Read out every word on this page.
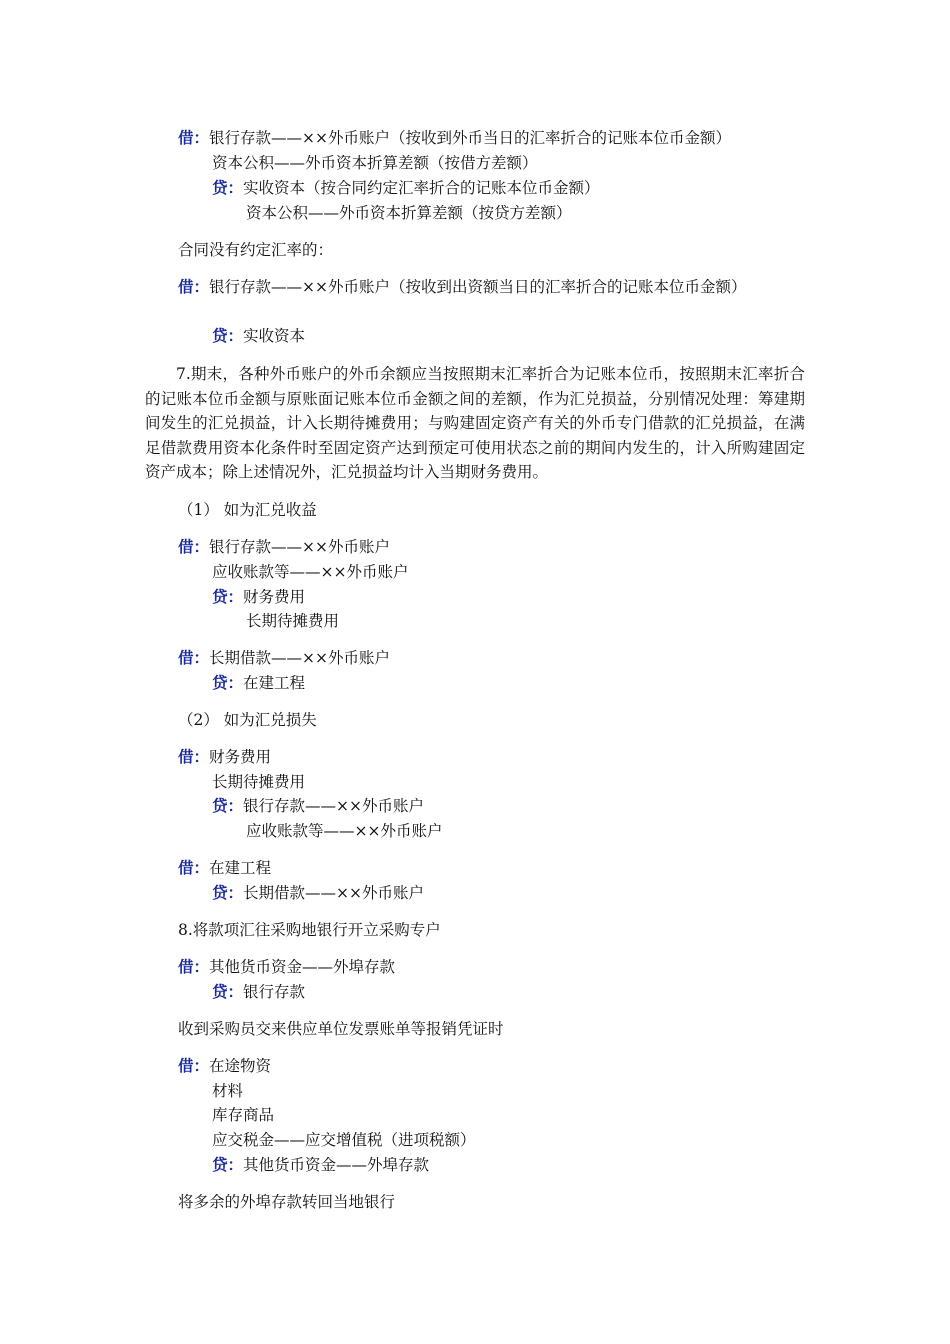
借：银行存款——××外币账户（按收到外币当日的汇率折合的记账本位币金额）
资本公积——外币资本折算差额（按借方差额）
贷：实收资本（按合同约定汇率折合的记账本位币金额）
资本公积——外币资本折算差额（按贷方差额）
合同没有约定汇率的：
借：银行存款——××外币账户（按收到出资额当日的汇率折合的记账本位币金额）
贷：实收资本
7.期末，各种外币账户的外币余额应当按照期末汇率折合为记账本位币，按照期末汇率折合的记账本位币金额与原账面记账本位币金额之间的差额，作为汇兑损益，分别情况处理：筹建期间发生的汇兑损益，计入长期待摊费用；与购建固定资产有关的外币专门借款的汇兑损益，在满足借款费用资本化条件时至固定资产达到预定可使用状态之前的期间内发生的，计入所购建固定资产成本；除上述情况外，汇兑损益均计入当期财务费用。
（1） 如为汇兑收益
借：银行存款——××外币账户
应收账款等——××外币账户
贷：财务费用
长期待摊费用
借：长期借款——××外币账户
贷：在建工程
（2） 如为汇兑损失
借：财务费用
长期待摊费用
贷：银行存款——××外币账户
应收账款等——××外币账户
借：在建工程
贷：长期借款——××外币账户
8.将款项汇往采购地银行开立采购专户
借：其他货币资金——外埠存款
贷：银行存款
收到采购员交来供应单位发票账单等报销凭证时
借：在途物资
材料
库存商品
应交税金——应交增值税（进项税额）
贷：其他货币资金——外埠存款
将多余的外埠存款转回当地银行
